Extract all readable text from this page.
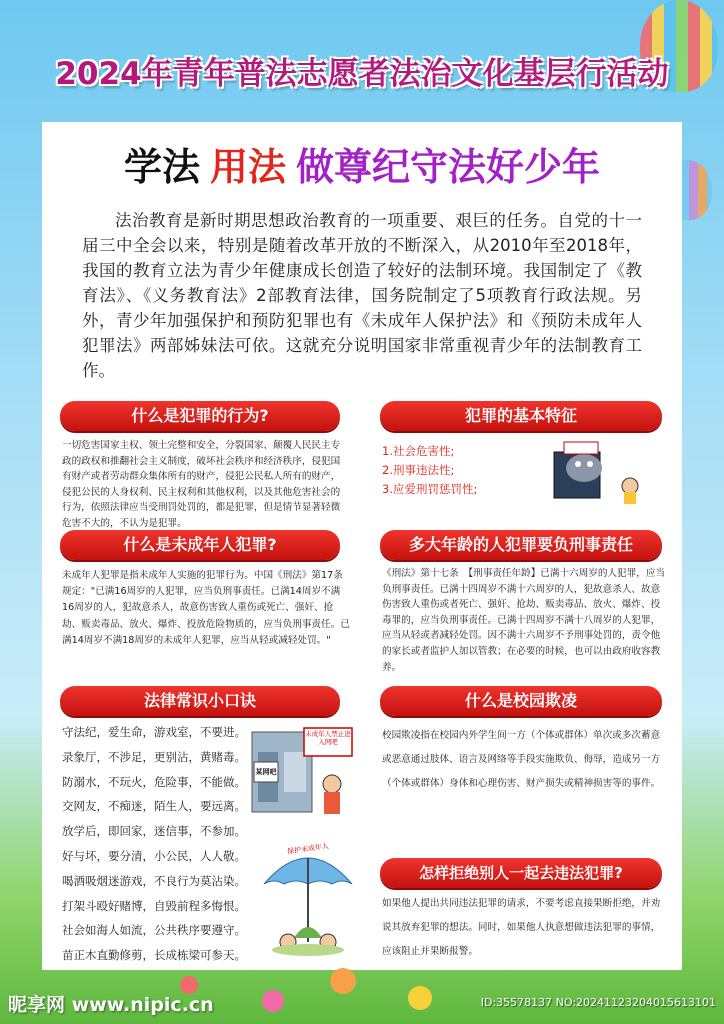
2024年青年普法志愿者法治文化基层行活动
学法 用法 做尊纪守法好少年
法治教育是新时期思想政治教育的一项重要、艰巨的任务。自党的十一届三中全会以来，特别是随着改革开放的不断深入，从2010年至2018年，我国的教育立法为青少年健康成长创造了较好的法制环境。我国制定了《教育法》、《义务教育法》2部教育法律，国务院制定了5项教育行政法规。另外，青少年加强保护和预防犯罪也有《未成年人保护法》和《预防未成年人犯罪法》两部姊妹法可依。这就充分说明国家非常重视青少年的法制教育工作。
什么是犯罪的行为?
一切危害国家主权、领土完整和安全，分裂国家、颠覆人民民主专政的政权和推翻社会主义制度，破坏社会秩序和经济秩序，侵犯国有财产或者劳动群众集体所有的财产，侵犯公民私人所有的财产，侵犯公民的人身权利、民主权利和其他权利，以及其他危害社会的行为，依照法律应当受刑罚处罚的，都是犯罪，但是情节显著轻微危害不大的，不认为是犯罪。
什么是未成年人犯罪?
未成年人犯罪是指未成年人实施的犯罪行为。中国《刑法》第17条规定："已满16周岁的人犯罪，应当负刑事责任。已满14周岁不满16周岁的人，犯故意杀人，故意伤害致人重伤或死亡、强奸、抢劫、贩卖毒品、放火、爆炸、投放危险物质的，应当负刑事责任。已满14周岁不满18周岁的未成年人犯罪，应当从轻或减轻处罚。"
法律常识小口诀
守法纪，爱生命，游戏室，不要进。
录象厅，不涉足，更别沾，黄赌毒。
防溺水，不玩火，危险事，不能做。
交网友，不痴迷，陌生人，要远离。
放学后，即回家，迷信事，不参加。
好与坏，要分清，小公民，人人敬。
喝酒吸烟迷游戏，不良行为莫沾染。
打架斗殴好赌博，自毁前程多悔恨。
社会如海人如流，公共秩序要遵守。
苗正木直勤修剪，长成栋梁可参天。
未成年人禁止进入网吧
某网吧
保护未成年人
犯罪的基本特征
1.社会危害性;
2.刑事违法性;
3.应爱刑罚惩罚性;
多大年龄的人犯罪要负刑事责任
《刑法》第十七条　【刑事责任年龄】已满十六周岁的人犯罪，应当负刑事责任。已满十四周岁不满十六周岁的人，犯故意杀人、故意伤害致人重伤或者死亡、强奸、抢劫、贩卖毒品、放火、爆炸、投毒罪的，应当负刑事责任。已满十四周岁不满十八周岁的人犯罪，应当从轻或者减轻处罚。因不满十六周岁不予刑事处罚的，责令他的家长或者监护人加以管教；在必要的时候，也可以由政府收容教养。
什么是校园欺凌
校园欺凌指在校园内外学生间一方（个体或群体）单次或多次蓄意或恶意通过肢体、语言及网络等手段实施欺负、侮辱，造成另一方（个体或群体）身体和心理伤害、财产损失或精神损害等的事件。
怎样拒绝别人一起去违法犯罪?
如果他人提出共同违法犯罪的请求，不要考虑直接果断拒绝，并劝说其放弃犯罪的想法。同时，如果他人执意想做违法犯罪的事情，应该阻止并果断报警。
昵享网 www.nipic.cn	ID:35578137 NO:20241123204015613101
